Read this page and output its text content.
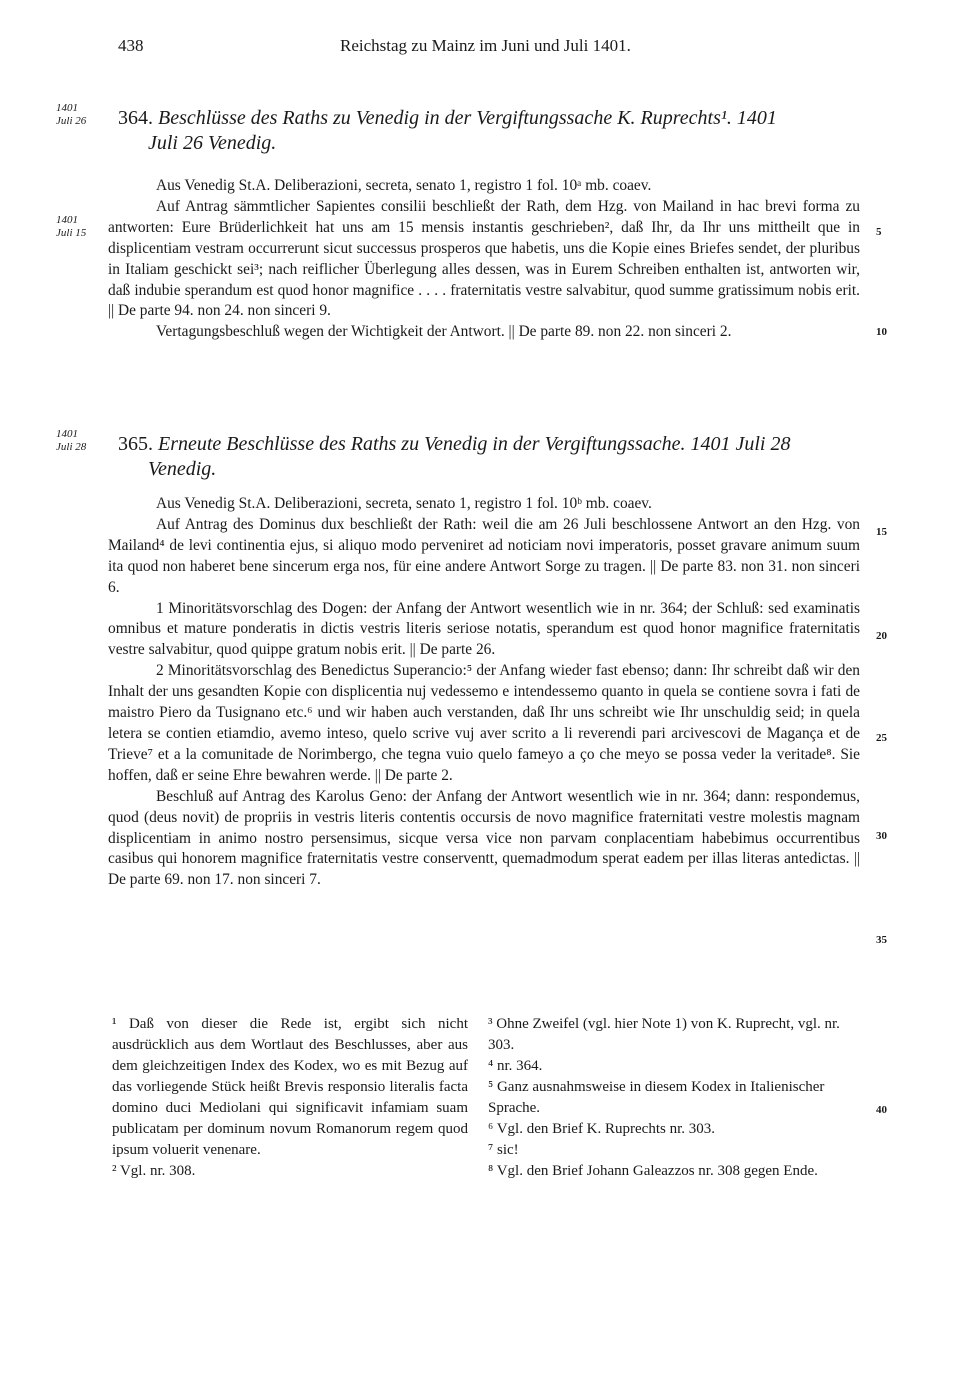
438	Reichstag zu Mainz im Juni und Juli 1401.
1401
Juli 26 364. Beschlüsse des Raths zu Venedig in der Vergiftungssache K. Ruprechts¹. 1401
Juli 26 Venedig.

Aus Venedig St.A. Deliberazioni, secreta, senato 1, registro 1 fol. 10ᵃ mb. coaev.

Auf Antrag sämmtlicher Sapientes consilii beschließt der Rath, dem Hzg. von Mailand in hac brevi forma zu antworten: Eure Brüderlichkeit hat uns am 15 mensis instantis geschrieben², daß Ihr, da Ihr uns mittheilt que in displicentiam vestram occurrerunt sicut successus prosperos que habetis, uns die Kopie eines Briefes sendet, der pluribus in Italiam geschickt sei³; nach reiflicher Überlegung alles dessen, was in Eurem Schreiben enthalten ist, antworten wir, daß indubie sperandum est quod honor magnifice . . . . fraternitatis vestre salvabitur, quod summe gratissimum nobis erit. || De parte 94. non 24. non sinceri 9.

Vertagungsbeschluß wegen der Wichtigkeit der Antwort. || De parte 89. non 22. non sinceri 2.

1401
Juli 15
1401
Juli 28 365. Erneute Beschlüsse des Raths zu Venedig in der Vergiftungssache. 1401 Juli 28
Venedig.

Aus Venedig St.A. Deliberazioni, secreta, senato 1, registro 1 fol. 10ᵇ mb. coaev.

Auf Antrag des Dominus dux beschließt der Rath: weil die am 26 Juli beschlossene Antwort an den Hzg. von Mailand⁴ de levi continentia ejus, si aliquo modo perveniret ad noticiam novi imperatoris, posset gravare animum suum ita quod non haberet bene sincerum erga nos, für eine andere Antwort Sorge zu tragen. || De parte 83. non 31. non sinceri 6.

1 Minoritätsvorschlag des Dogen: der Anfang der Antwort wesentlich wie in nr. 364; der Schluß: sed examinatis omnibus et mature ponderatis in dictis vestris literis seriose notatis, sperandum est quod honor magnifice fraternitatis vestre salvabitur, quod quippe gratum nobis erit. || De parte 26.

2 Minoritätsvorschlag des Benedictus Superancio:⁵ der Anfang wieder fast ebenso; dann: Ihr schreibt daß wir den Inhalt der uns gesandten Kopie con displicentia nuj vedessemo e intendessemo quanto in quela se contiene sovra i fati de maistro Piero da Tusignano etc.⁶ und wir haben auch verstanden, daß Ihr uns schreibt wie Ihr unschuldig seid; in quela letera se contien etiamdio, avemo inteso, quelo scrive vuj aver scrito a li reverendi pari arcivescovi de Magança et de Trieve⁷ et a la comunitade de Norimbergo, che tegna vuio quelo fameyo a ço che meyo se possa veder la veritade⁸. Sie hoffen, daß er seine Ehre bewahren werde. || De parte 2.

Beschluß auf Antrag des Karolus Geno: der Anfang der Antwort wesentlich wie in nr. 364; dann: respondemus, quod (deus novit) de propriis in vestris literis contentis occursis de novo magnifice fraternitati vestre molestis magnam displicentiam in animo nostro persensimus, sicque versa vice non parvam conplacentiam habebimus occurrentibus casibus qui honorem magnifice fraternitatis vestre conserventt, quemadmodum sperat eadem per illas literas antedictas. || De parte 69. non 17. non sinceri 7.

5
10
15
20
25
30
35
40

¹ Daß von dieser die Rede ist, ergibt sich nicht ausdrücklich aus dem Wortlaut des Beschlusses, aber aus dem gleichzeitigen Index des Kodex, wo es mit Bezug auf das vorliegende Stück heißt Brevis responsio literalis facta domino duci Mediolani qui significavit infamiam suam publicatam per dominum novum Romanorum regem quod ipsum voluerit venenare.

² Vgl. nr. 308.

³ Ohne Zweifel (vgl. hier Note 1) von K. Ruprecht, vgl. nr. 303.

⁴ nr. 364.

⁵ Ganz ausnahmsweise in diesem Kodex in Italienischer Sprache.

⁶ Vgl. den Brief K. Ruprechts nr. 303.

⁷ sic!

⁸ Vgl. den Brief Johann Galeazzos nr. 308 gegen Ende.
